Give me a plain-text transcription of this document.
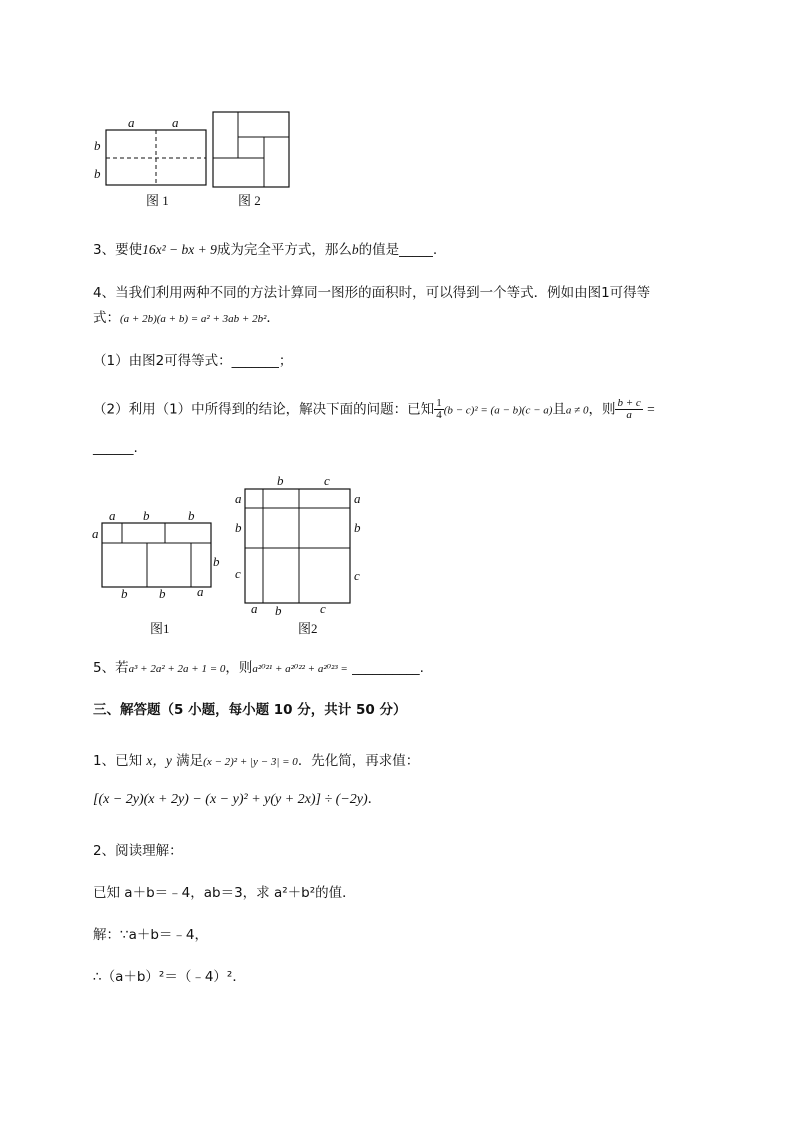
a	a
b
b
图 1	图 2
3、要使16x² − bx + 9成为完全平方式，那么b的值是_____.
4、当我们利用两种不同的方法计算同一图形的面积时，可以得到一个等式．例如由图1可得等
式：(a + 2b)(a + b) = a² + 3ab + 2b²．
（1）由图2可得等式：_______；
（2）利用（1）中所得到的结论，解决下面的问题：已知 $\frac{1}{4} (b - c)^2 = (a - b)(c - a)$且a ≠ 0，则 $\frac{b + c}{a}$ =
______.
a b	b
a
b
b b a
图1
b	c
a
b
c
a
b
c
a b	c
图2
5、若a³ + 2a² + 2a + 1 = 0，则a²⁰²¹ + a²⁰²² + a²⁰²³ = __________.
三、解答题（5 小题，每小题 10 分，共计 50 分）
1、已知 x，y 满足(x − 2)² + |y − 3| = 0．先化简，再求值：
[(x − 2y)(x + 2y) − (x − y)² + y(y + 2x)] ÷ (−2y)．
2、阅读理解：
已知 a＋b＝﹣4，ab＝3，求 a²＋b²的值．
解：∵a＋b＝﹣4，
∴（a＋b）²＝（﹣4）²．
